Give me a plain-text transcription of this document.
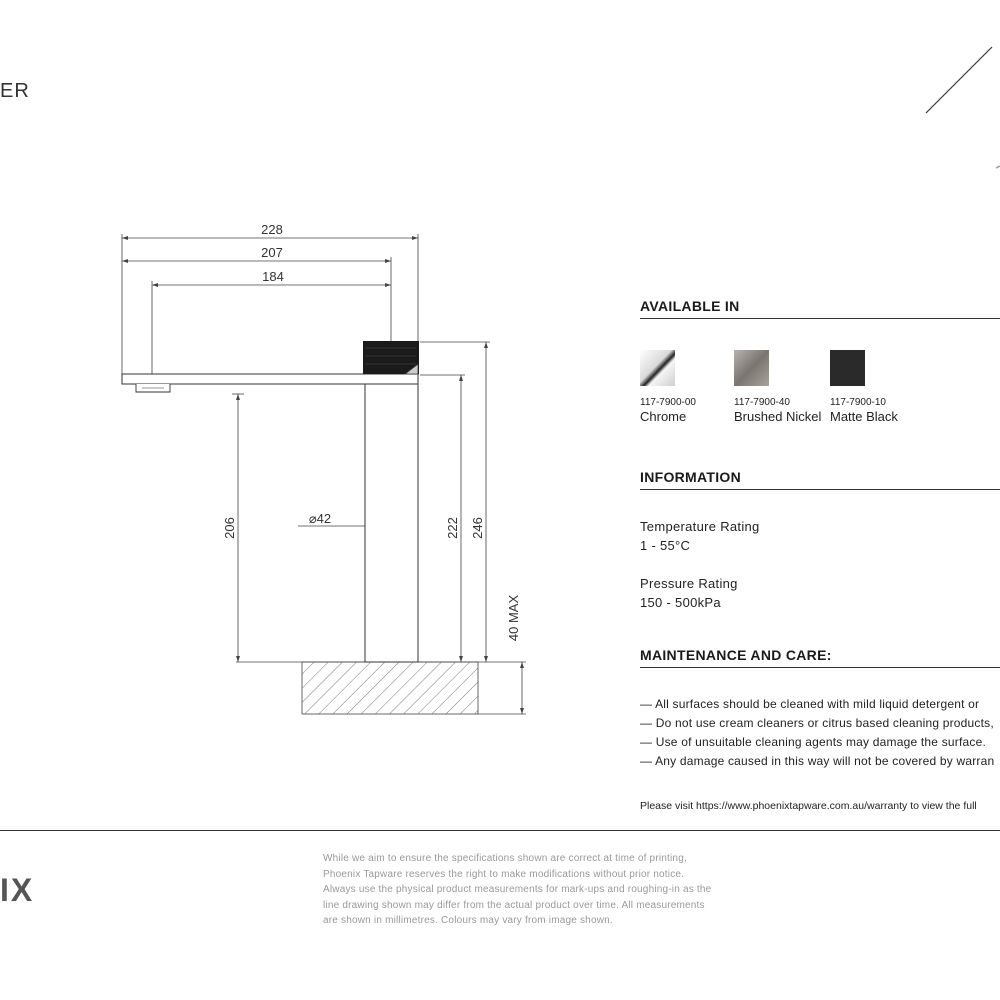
ER
228
207
184
206	222 246
⌀42
40 MAX
AVAILABLE IN
117-7900-00
Chrome
117-7900-40
Brushed Nickel
117-7900-10
Matte Black
INFORMATION
Temperature Rating
1 - 55°C
Pressure Rating
150 - 500kPa
MAINTENANCE AND CARE:
— All surfaces should be cleaned with mild liquid detergent or
— Do not use cream cleaners or citrus based cleaning products,
— Use of unsuitable cleaning agents may damage the surface.
— Any damage caused in this way will not be covered by warran
Please visit https://www.phoenixtapware.com.au/warranty to view the full
IX
While we aim to ensure the specifications shown are correct at time of printing,
Phoenix Tapware reserves the right to make modifications without prior notice.
Always use the physical product measurements for mark-ups and roughing-in as the
line drawing shown may differ from the actual product over time. All measurements
are shown in millimetres. Colours may vary from image shown.
